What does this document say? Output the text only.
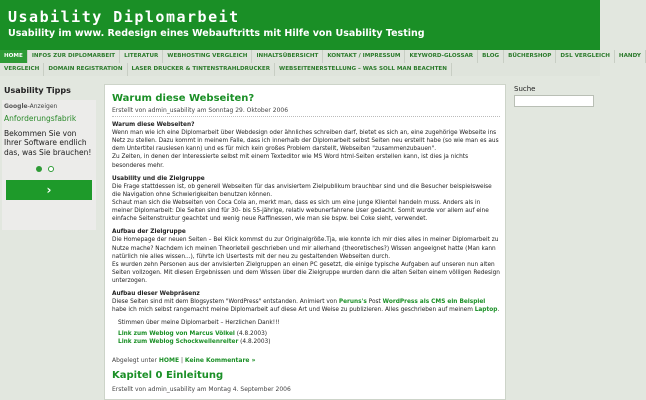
Usability Diplomarbeit
Usability im www. Redesign eines Webauftritts mit Hilfe von Usability Testing
HOME	INFOS ZUR DIPLOMARBEIT	LITERATUR	WEBHOSTING VERGLEICH	INHALTSÜBERSICHT	KONTAKT / IMPRESSUM	KEYWORD-GLOSSAR	BLOG	BÜCHERSHOP	DSL VERGLEICH	HANDY
VERGLEICH	DOMAIN REGISTRATION	LASER DRUCKER & TINTENSTRAHLDRUCKER	WEBSEITENERSTELLUNG – WAS SOLL MAN BEACHTEN
Usability Tipps
Google-Anzeigen
Anforderungsfabrik
Bekommen Sie von Ihrer Software endlich das, was Sie brauchen!
›
Warum diese Webseiten?
Erstellt von admin_usability am Sonntag 29. Oktober 2006

Warum diese Webseiten?
Wenn man wie ich eine Diplomarbeit über Webdesign oder ähnliches schreiben darf, bietet es sich an, eine zugehörige Webseite ins Netz zu stellen. Dazu kommt in meinem Falle, dass ich innerhalb der Diplomarbeit selbst Seiten neu erstellt habe (so wie man es aus dem Untertitel rauslesen kann) und es für mich kein großes Problem darstellt, Webseiten "zusammenzubauen".
Zu Zeiten, in denen der Interessierte selbst mit einem Texteditor wie MS Word html-Seiten erstellen kann, ist dies ja nichts besonderes mehr.

Usability und die Zielgruppe
Die Frage stattdessen ist, ob generell Webseiten für das anvisiertem Zielpublikum brauchbar sind und die Besucher beispielsweise die Navigation ohne Schwierigkeiten benutzen können.
Schaut man sich die Webseiten von Coca Cola an, merkt man, dass es sich um eine junge Klientel handeln muss. Anders als in meiner Diplomarbeit: Die Seiten sind für 30- bis 55-jährige, relativ webunerfahrene User gedacht. Somit wurde vor allem auf eine einfache Seitenstruktur geachtet und wenig neue Raffinessen, wie man sie bspw. bei Coke sieht, verwendet.

Aufbau der Zielgruppe
Die Homepage der neuen Seiten – Bei Klick kommst du zur Originalgröße.Tja, wie konnte ich mir dies alles in meiner Diplomarbeit zu Nutze mache? Nachdem ich meinen Theorieteil geschrieben und mir allerhand (theoretisches?) Wissen angeeignet hatte (Man kann natürlich nie alles wissen...), führte ich Usertests mit der neu zu gestaltenden Webseiten durch.
Es wurden zehn Personen aus der anvisierten Zielgruppen an einen PC gesetzt, die einige typische Aufgaben auf unseren nun alten Seiten vollzogen. Mit diesen Ergebnissen und dem Wissen über die Zielgruppe wurden dann die alten Seiten einem völligen Redesign unterzogen.

Aufbau dieser Webpräsenz
Diese Seiten sind mit dem Blogsystem "WordPress" entstanden. Animiert von Peruns's Post WordPress als CMS ein Beispiel habe ich mich selbst rangemacht meine Diplomarbeit auf diese Art und Weise zu publizieren. Alles geschrieben auf meinem Laptop.

Stimmen über meine Diplomarbeit – Herzlichen Dank!!!

Link zum Weblog von Marcus Völkel (4.8.2003)
Link zum Weblog Schockwellenreiter (4.8.2003)
Abgelegt unter HOME | Keine Kommentare »
Kapitel 0 Einleitung
Erstellt von admin_usability am Montag 4. September 2006
Suche
